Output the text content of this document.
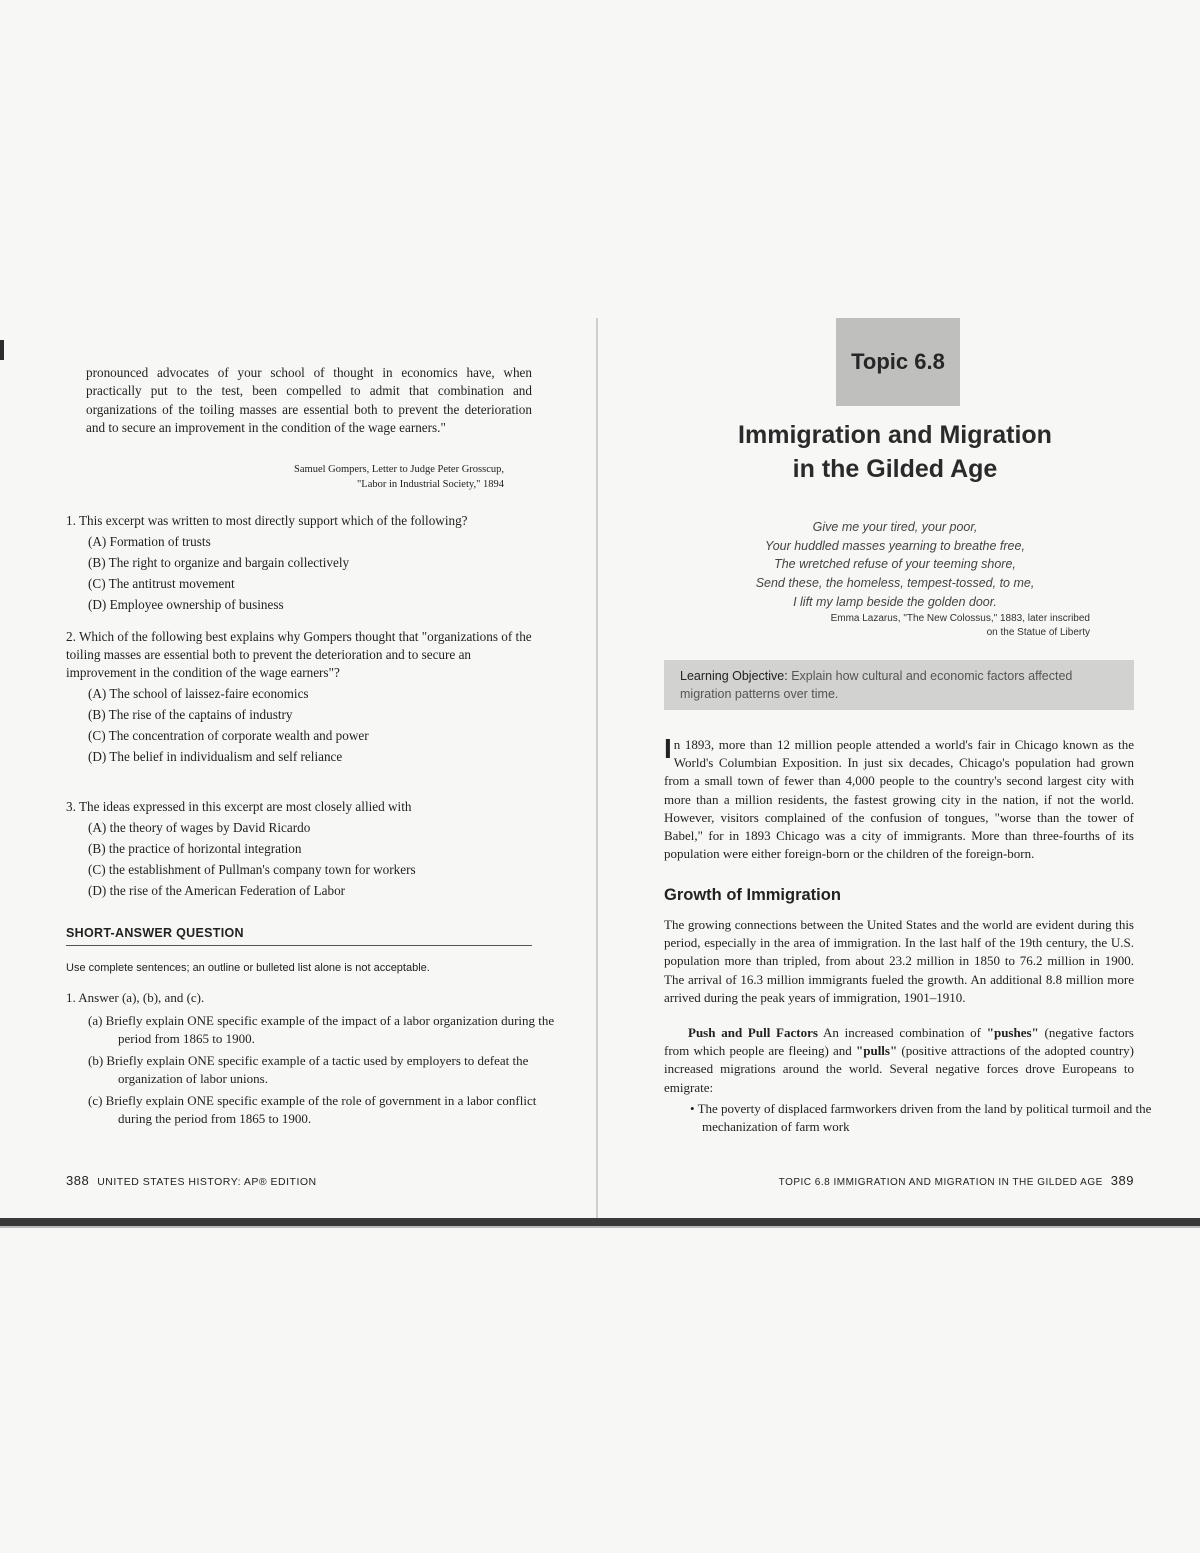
pronounced advocates of your school of thought in economics have, when practically put to the test, been compelled to admit that combination and organizations of the toiling masses are essential both to prevent the deterioration and to secure an improvement in the condition of the wage earners."
Samuel Gompers, Letter to Judge Peter Grosscup,
"Labor in Industrial Society," 1894
1. This excerpt was written to most directly support which of the following?
(A) Formation of trusts
(B) The right to organize and bargain collectively
(C) The antitrust movement
(D) Employee ownership of business
2. Which of the following best explains why Gompers thought that "organizations of the toiling masses are essential both to prevent the deterioration and to secure an improvement in the condition of the wage earners"?
(A) The school of laissez-faire economics
(B) The rise of the captains of industry
(C) The concentration of corporate wealth and power
(D) The belief in individualism and self reliance
3. The ideas expressed in this excerpt are most closely allied with
(A) the theory of wages by David Ricardo
(B) the practice of horizontal integration
(C) the establishment of Pullman's company town for workers
(D) the rise of the American Federation of Labor
SHORT-ANSWER QUESTION
Use complete sentences; an outline or bulleted list alone is not acceptable.
1. Answer (a), (b), and (c).
(a) Briefly explain ONE specific example of the impact of a labor organization during the period from 1865 to 1900.
(b) Briefly explain ONE specific example of a tactic used by employers to defeat the organization of labor unions.
(c) Briefly explain ONE specific example of the role of government in a labor conflict during the period from 1865 to 1900.
388 UNITED STATES HISTORY: AP® EDITION
Topic 6.8
Immigration and Migration
in the Gilded Age
Give me your tired, your poor,
Your huddled masses yearning to breathe free,
The wretched refuse of your teeming shore,
Send these, the homeless, tempest-tossed, to me,
I lift my lamp beside the golden door.
Emma Lazarus, "The New Colossus," 1883, later inscribed
on the Statue of Liberty
Learning Objective: Explain how cultural and economic factors affected migration patterns over time.
In 1893, more than 12 million people attended a world's fair in Chicago known as the World's Columbian Exposition. In just six decades, Chicago's population had grown from a small town of fewer than 4,000 people to the country's second largest city with more than a million residents, the fastest growing city in the nation, if not the world. However, visitors complained of the confusion of tongues, "worse than the tower of Babel," for in 1893 Chicago was a city of immigrants. More than three-fourths of its population were either foreign-born or the children of the foreign-born.
Growth of Immigration
The growing connections between the United States and the world are evident during this period, especially in the area of immigration. In the last half of the 19th century, the U.S. population more than tripled, from about 23.2 million in 1850 to 76.2 million in 1900. The arrival of 16.3 million immigrants fueled the growth. An additional 8.8 million more arrived during the peak years of immigration, 1901–1910.
Push and Pull Factors An increased combination of "pushes" (negative factors from which people are fleeing) and "pulls" (positive attractions of the adopted country) increased migrations around the world. Several negative forces drove Europeans to emigrate:
• The poverty of displaced farmworkers driven from the land by political turmoil and the mechanization of farm work
TOPIC 6.8 IMMIGRATION AND MIGRATION IN THE GILDED AGE 389
